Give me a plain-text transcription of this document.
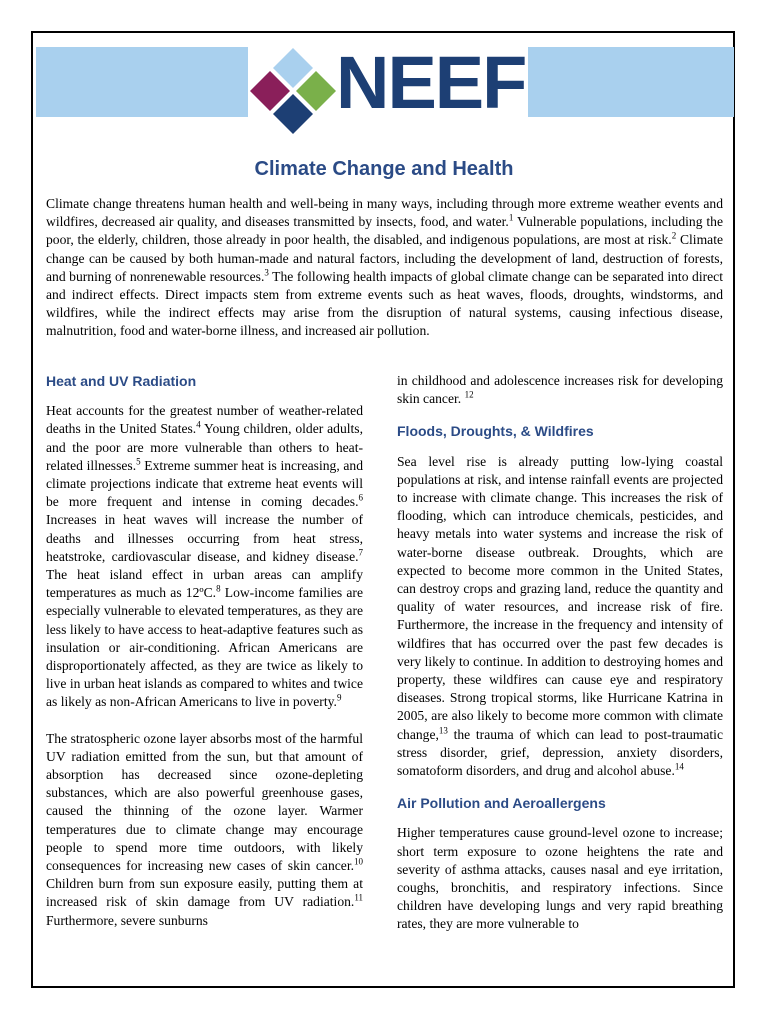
NEEF
Climate Change and Health

Climate change threatens human health and well-being in many ways, including through more extreme weather events and wildfires, decreased air quality, and diseases transmitted by insects, food, and water.$^1$ Vulnerable populations, including the poor, the elderly, children, those already in poor health, the disabled, and indigenous populations, are most at risk.$^2$ Climate change can be caused by both human-made and natural factors, including the development of land, destruction of forests, and burning of nonrenewable resources.$^3$ The following health impacts of global climate change can be separated into direct and indirect effects. Direct impacts stem from extreme events such as heat waves, floods, droughts, windstorms, and wildfires, while the indirect effects may arise from the disruption of natural systems, causing infectious disease, malnutrition, food and water-borne illness, and increased air pollution.

Heat and UV Radiation

Heat accounts for the greatest number of weather-related deaths in the United States.$^4$ Young children, older adults, and the poor are more vulnerable than others to heat-related illnesses.$^5$ Extreme summer heat is increasing, and climate projections indicate that extreme heat events will be more frequent and intense in coming decades.$^6$ Increases in heat waves will increase the number of deaths and illnesses occurring from heat stress, heatstroke, cardiovascular disease, and kidney disease.$^7$ The heat island effect in urban areas can amplify temperatures as much as 12ºC.$^8$ Low-income families are especially vulnerable to elevated temperatures, as they are less likely to have access to heat-adaptive features such as insulation or air-conditioning. African Americans are disproportionately affected, as they are twice as likely to live in urban heat islands as compared to whites and twice as likely as non-African Americans to live in poverty.$^9$

The stratospheric ozone layer absorbs most of the harmful UV radiation emitted from the sun, but that amount of absorption has decreased since ozone-depleting substances, which are also powerful greenhouse gases, caused the thinning of the ozone layer. Warmer temperatures due to climate change may encourage people to spend more time outdoors, with likely consequences for increasing new cases of skin cancer.$^{10}$ Children burn from sun exposure easily, putting them at increased risk of skin damage from UV radiation.$^{11}$ Furthermore, severe sunburns

in childhood and adolescence increases risk for developing skin cancer. $^{12}$

Floods, Droughts, & Wildfires

Sea level rise is already putting low-lying coastal populations at risk, and intense rainfall events are projected to increase with climate change. This increases the risk of flooding, which can introduce chemicals, pesticides, and heavy metals into water systems and increase the risk of water-borne disease outbreak. Droughts, which are expected to become more common in the United States, can destroy crops and grazing land, reduce the quantity and quality of water resources, and increase risk of fire. Furthermore, the increase in the frequency and intensity of wildfires that has occurred over the past few decades is very likely to continue. In addition to destroying homes and property, these wildfires can cause eye and respiratory diseases. Strong tropical storms, like Hurricane Katrina in 2005, are also likely to become more common with climate change,$^{13}$ the trauma of which can lead to post-traumatic stress disorder, grief, depression, anxiety disorders, somatoform disorders, and drug and alcohol abuse.$^{14}$

Air Pollution and Aeroallergens

Higher temperatures cause ground-level ozone to increase; short term exposure to ozone heightens the rate and severity of asthma attacks, causes nasal and eye irritation, coughs, bronchitis, and respiratory infections. Since children have developing lungs and very rapid breathing rates, they are more vulnerable to
